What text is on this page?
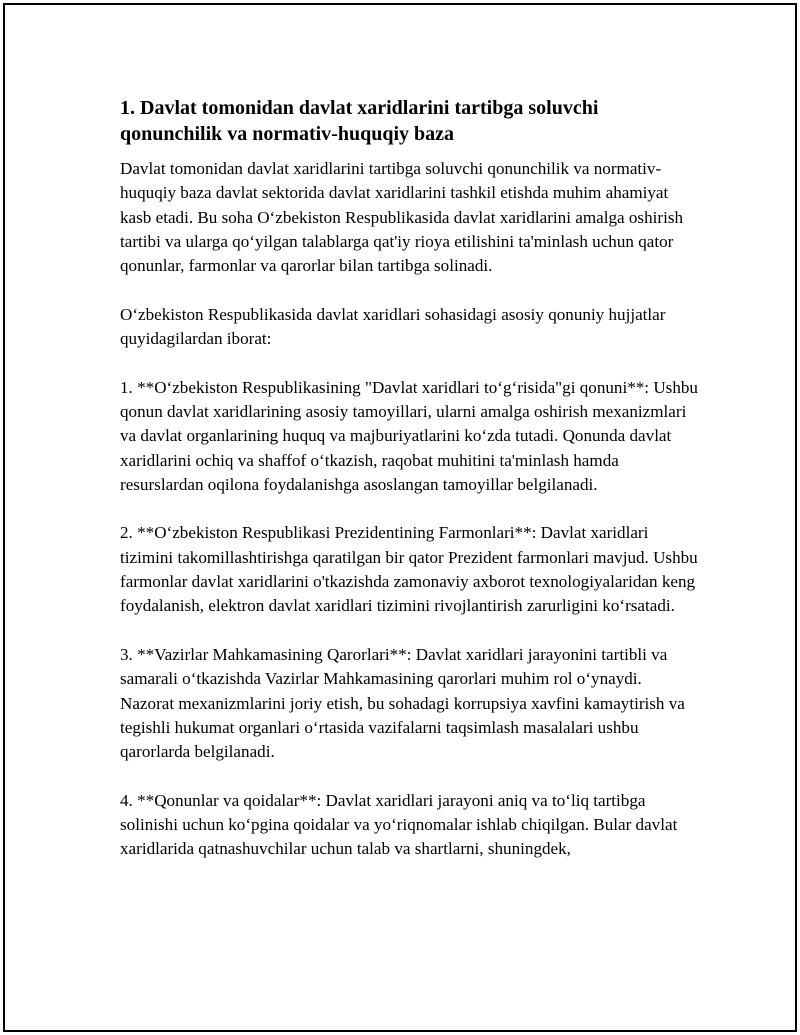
1. Davlat tomonidan davlat xaridlarini tartibga soluvchi qonunchilik va normativ-huquqiy baza

Davlat tomonidan davlat xaridlarini tartibga soluvchi qonunchilik va normativ-huquqiy baza davlat sektorida davlat xaridlarini tashkil etishda muhim ahamiyat kasb etadi. Bu soha O‘zbekiston Respublikasida davlat xaridlarini amalga oshirish tartibi va ularga qo‘yilgan talablarga qat'iy rioya etilishini ta'minlash uchun qator qonunlar, farmonlar va qarorlar bilan tartibga solinadi.

O‘zbekiston Respublikasida davlat xaridlari sohasidagi asosiy qonuniy hujjatlar quyidagilardan iborat:

1. **O‘zbekiston Respublikasining "Davlat xaridlari to‘g‘risida"gi qonuni**: Ushbu qonun davlat xaridlarining asosiy tamoyillari, ularni amalga oshirish mexanizmlari va davlat organlarining huquq va majburiyatlarini ko‘zda tutadi. Qonunda davlat xaridlarini ochiq va shaffof o‘tkazish, raqobat muhitini ta'minlash hamda resurslardan oqilona foydalanishga asoslangan tamoyillar belgilanadi.

2. **O‘zbekiston Respublikasi Prezidentining Farmonlari**: Davlat xaridlari tizimini takomillashtirishga qaratilgan bir qator Prezident farmonlari mavjud. Ushbu farmonlar davlat xaridlarini o'tkazishda zamonaviy axborot texnologiyalaridan keng foydalanish, elektron davlat xaridlari tizimini rivojlantirish zarurligini ko‘rsatadi.

3. **Vazirlar Mahkamasining Qarorlari**: Davlat xaridlari jarayonini tartibli va samarali o‘tkazishda Vazirlar Mahkamasining qarorlari muhim rol o‘ynaydi. Nazorat mexanizmlarini joriy etish, bu sohadagi korrupsiya xavfini kamaytirish va tegishli hukumat organlari o‘rtasida vazifalarni taqsimlash masalalari ushbu qarorlarda belgilanadi.

4. **Qonunlar va qoidalar**: Davlat xaridlari jarayoni aniq va to‘liq tartibga solinishi uchun ko‘pgina qoidalar va yo‘riqnomalar ishlab chiqilgan. Bular davlat xaridlarida qatnashuvchilar uchun talab va shartlarni, shuningdek,
